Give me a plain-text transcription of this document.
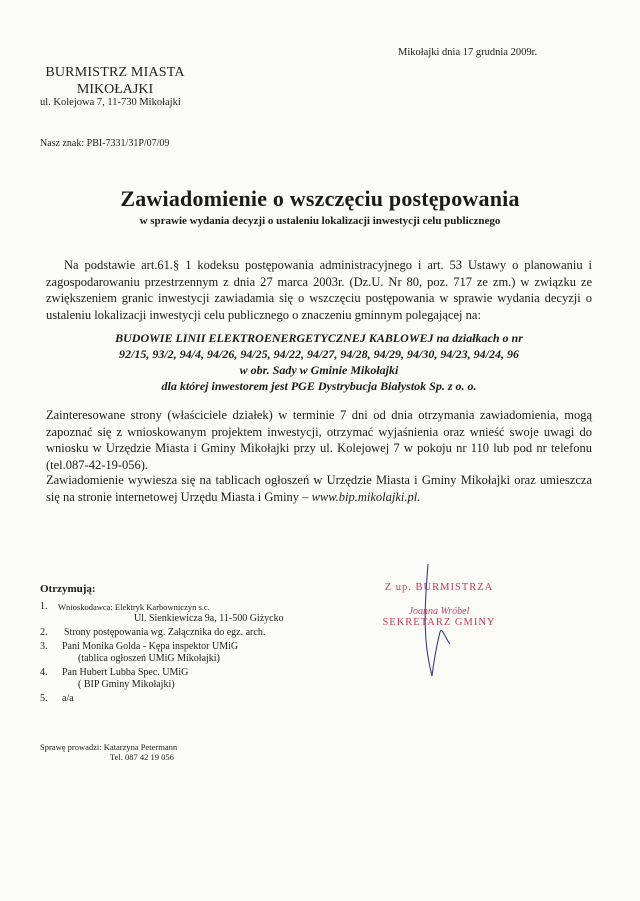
Mikołajki dnia 17 grudnia 2009r.
BURMISTRZ MIASTA
MIKOŁAJKI
ul. Kolejowa 7, 11-730 Mikołajki
Nasz znak: PBI-7331/31P/07/09
Zawiadomienie o wszczęciu postępowania
w sprawie wydania decyzji o ustaleniu lokalizacji inwestycji celu publicznego
Na podstawie art.61.§ 1 kodeksu postępowania administracyjnego i art. 53 Ustawy o planowaniu i zagospodarowaniu przestrzennym z dnia 27 marca 2003r. (Dz.U. Nr 80, poz. 717 ze zm.) w związku ze zwiększeniem granic inwestycji zawiadamia się o wszczęciu postępowania w sprawie wydania decyzji o ustaleniu lokalizacji inwestycji celu publicznego o znaczeniu gminnym polegającej na:
BUDOWIE LINII ELEKTROENERGETYCZNEJ KABLOWEJ na działkach o nr
92/15, 93/2, 94/4, 94/26, 94/25, 94/22, 94/27, 94/28, 94/29, 94/30, 94/23, 94/24, 96
w obr. Sady w Gminie Mikołajki
dla której inwestorem jest PGE Dystrybucja Białystok Sp. z o. o.
Zainteresowane strony (właściciele działek) w terminie 7 dni od dnia otrzymania zawiadomienia, mogą zapoznać się z wnioskowanym projektem inwestycji, otrzymać wyjaśnienia oraz wnieść swoje uwagi do wniosku w Urzędzie Miasta i Gminy Mikołajki przy ul. Kolejowej 7 w pokoju nr 110 lub pod nr telefonu (tel.087-42-19-056).
Zawiadomienie wywiesza się na tablicach ogłoszeń w Urzędzie Miasta i Gminy Mikołajki oraz umieszcza się na stronie internetowej Urzędu Miasta i Gminy – www.bip.mikolajki.pl.
Otrzymują:
1.	Wnioskodawca: Elektryk Karbowniczyn s.c.
Ul. Sienkiewicza 9a, 11-500 Giżycko
2.	Strony postępowania wg. Załącznika do egz. arch.
3.	Pani Monika Golda - Kępa inspektor UMiG
(tablica ogłoszeń UMiG Mikołajki)
4.	Pan Hubert Lubba Spec. UMiG
( BIP Gminy Mikołajki)
5.	a/a
Z up. BURMISTRZA
Joanna Wróbel
SEKRETARZ GMINY
Sprawę prowadzi: Katarzyna Petermann
Tel. 087 42 19 056
